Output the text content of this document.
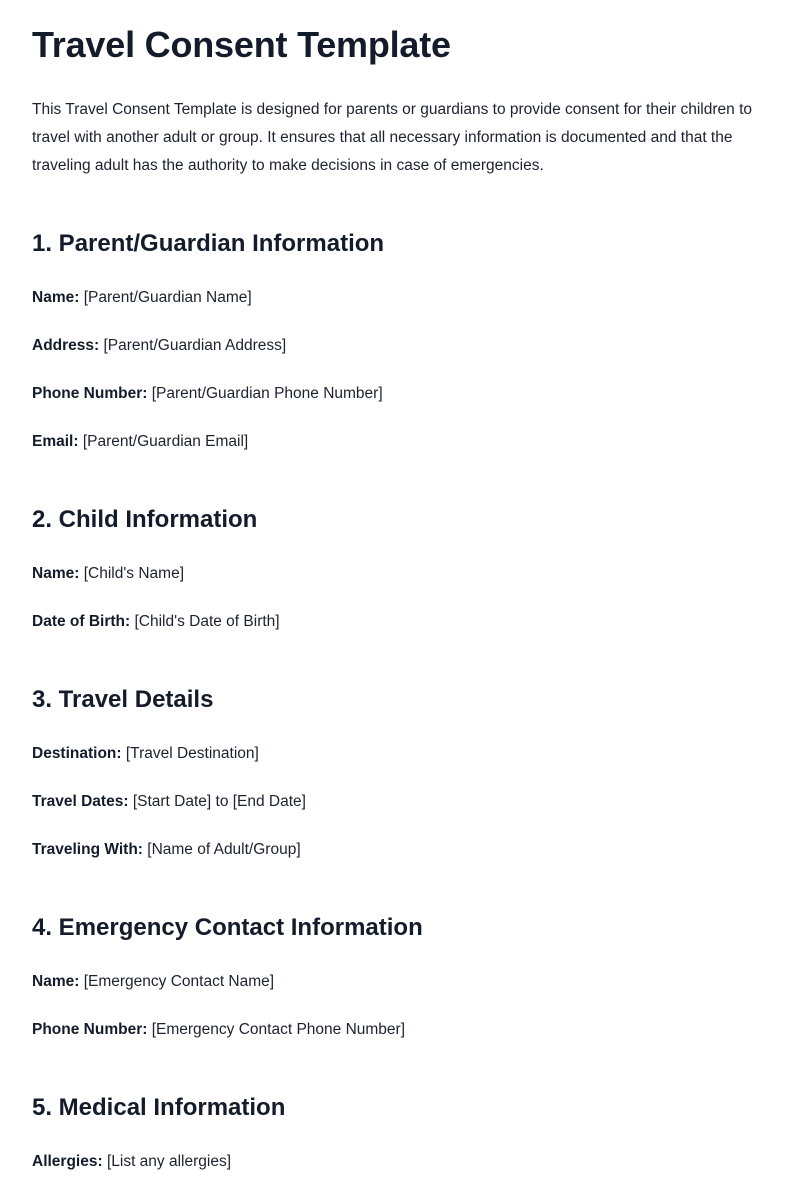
Travel Consent Template

This Travel Consent Template is designed for parents or guardians to provide consent for their children to travel with another adult or group. It ensures that all necessary information is documented and that the traveling adult has the authority to make decisions in case of emergencies.

1. Parent/Guardian Information

Name: [Parent/Guardian Name]

Address: [Parent/Guardian Address]

Phone Number: [Parent/Guardian Phone Number]

Email: [Parent/Guardian Email]

2. Child Information

Name: [Child's Name]

Date of Birth: [Child's Date of Birth]

3. Travel Details

Destination: [Travel Destination]

Travel Dates: [Start Date] to [End Date]

Traveling With: [Name of Adult/Group]

4. Emergency Contact Information

Name: [Emergency Contact Name]

Phone Number: [Emergency Contact Phone Number]

5. Medical Information

Allergies: [List any allergies]
